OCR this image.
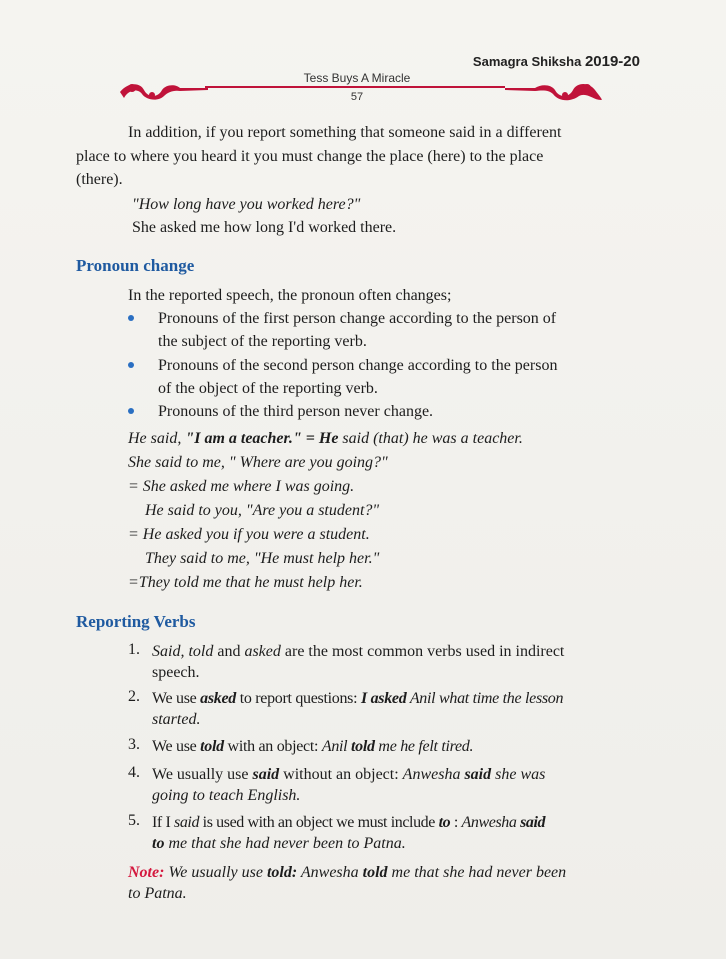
Samagra Shiksha 2019-20
Tess Buys A Miracle
57
In addition, if you report something that someone said in a different
place to where you heard it you must change the place (here) to the place
(there).
"How long have you worked here?"
She asked me how long I'd worked there.
Pronoun change
In the reported speech, the pronoun often changes;
Pronouns of the first person change according to the person of
the subject of the reporting verb.
Pronouns of the second person change according to the person
of the object of the reporting verb.
Pronouns of the third person never change.
He said, "I am a teacher." = He said (that) he was a teacher.
She said to me, " Where are you going?"
= She asked me where I was going.
He said to you, "Are you a student?"
= He asked you if you were a student.
They said to me, "He must help her."
=They told me that he must help her.
Reporting Verbs
1. Said, told and asked are the most common verbs used in indirect
speech.
2. We use asked to report questions: I asked Anil what time the lesson
started.
3. We use told with an object: Anil told me he felt tired.
4. We usually use said without an object: Anwesha said she was
going to teach English.
5. If I said is used with an object we must include to : Anwesha said
to me that she had never been to Patna.
Note: We usually use told: Anwesha told me that she had never been
to Patna.
